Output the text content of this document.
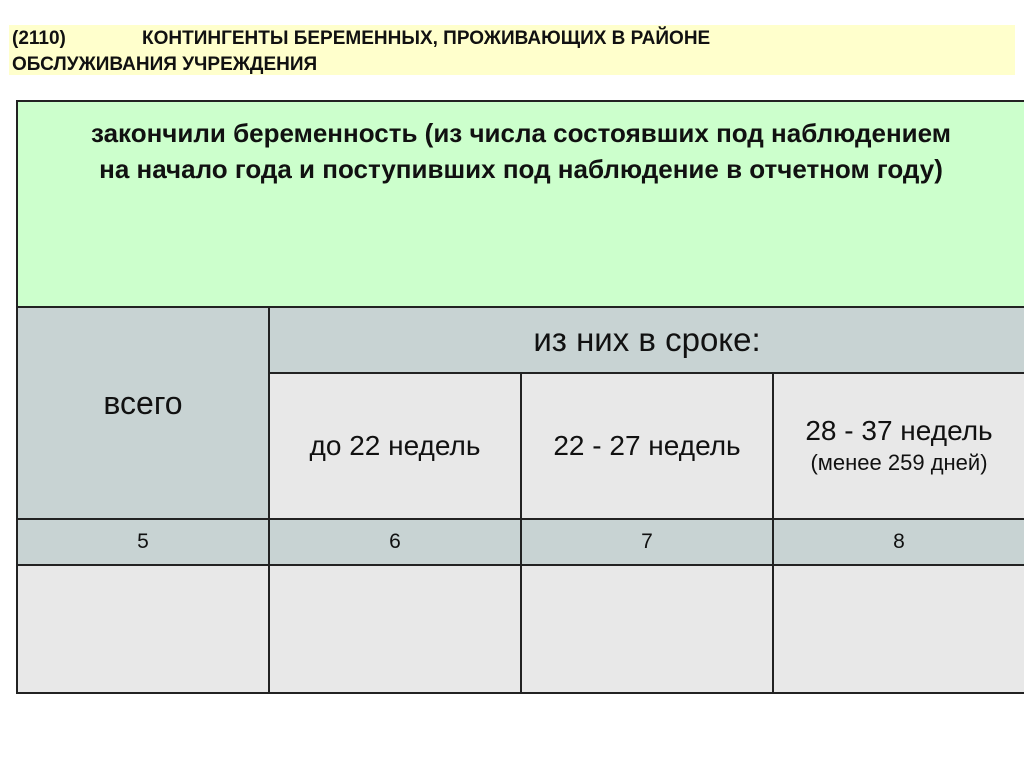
(2110)	КОНТИНГЕНТЫ БЕРЕМЕННЫХ, ПРОЖИВАЮЩИХ В РАЙОНЕ
ОБСЛУЖИВАНИЯ УЧРЕЖДЕНИЯ
закончили беременность (из числа состоявших под наблюдением
на начало года и поступивших под наблюдение в отчетном году)			

всего	из них в сроке:		
	до 22 недель	22 - 27 недель	28 - 37 недель
(менее 259 дней)

5	6	7	8
